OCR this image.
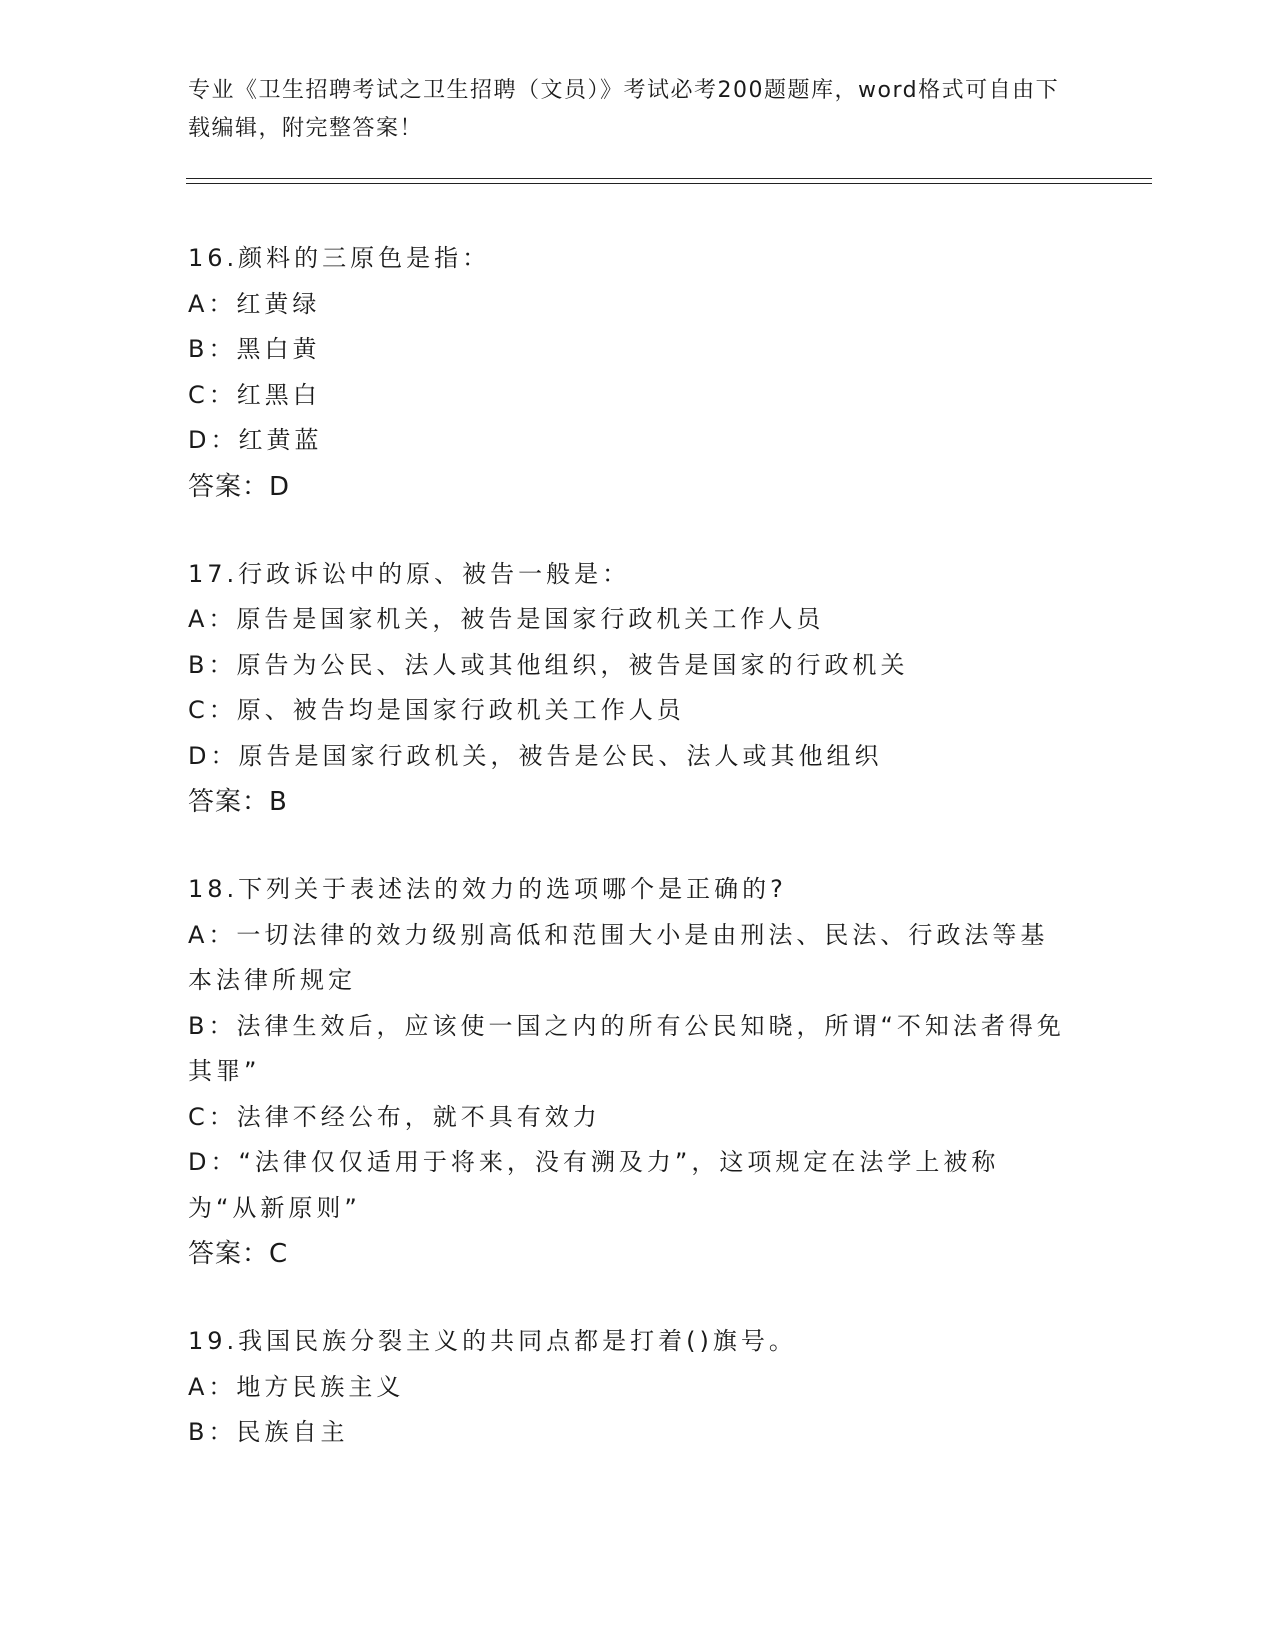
专业《卫生招聘考试之卫生招聘（文员）》考试必考200题题库，word格式可自由下载编辑，附完整答案！
16.颜料的三原色是指：
A：红黄绿
B：黑白黄
C：红黑白
D：红黄蓝
答案：D
17.行政诉讼中的原、被告一般是：
A：原告是国家机关，被告是国家行政机关工作人员
B：原告为公民、法人或其他组织，被告是国家的行政机关
C：原、被告均是国家行政机关工作人员
D：原告是国家行政机关，被告是公民、法人或其他组织
答案：B
18.下列关于表述法的效力的选项哪个是正确的?
A：一切法律的效力级别高低和范围大小是由刑法、民法、行政法等基本法律所规定
B：法律生效后，应该使一国之内的所有公民知晓，所谓“不知法者得免其罪”
C：法律不经公布，就不具有效力
D：“法律仅仅适用于将来，没有溯及力”，这项规定在法学上被称为“从新原则”
答案：C
19.我国民族分裂主义的共同点都是打着()旗号。
A：地方民族主义
B：民族自主
